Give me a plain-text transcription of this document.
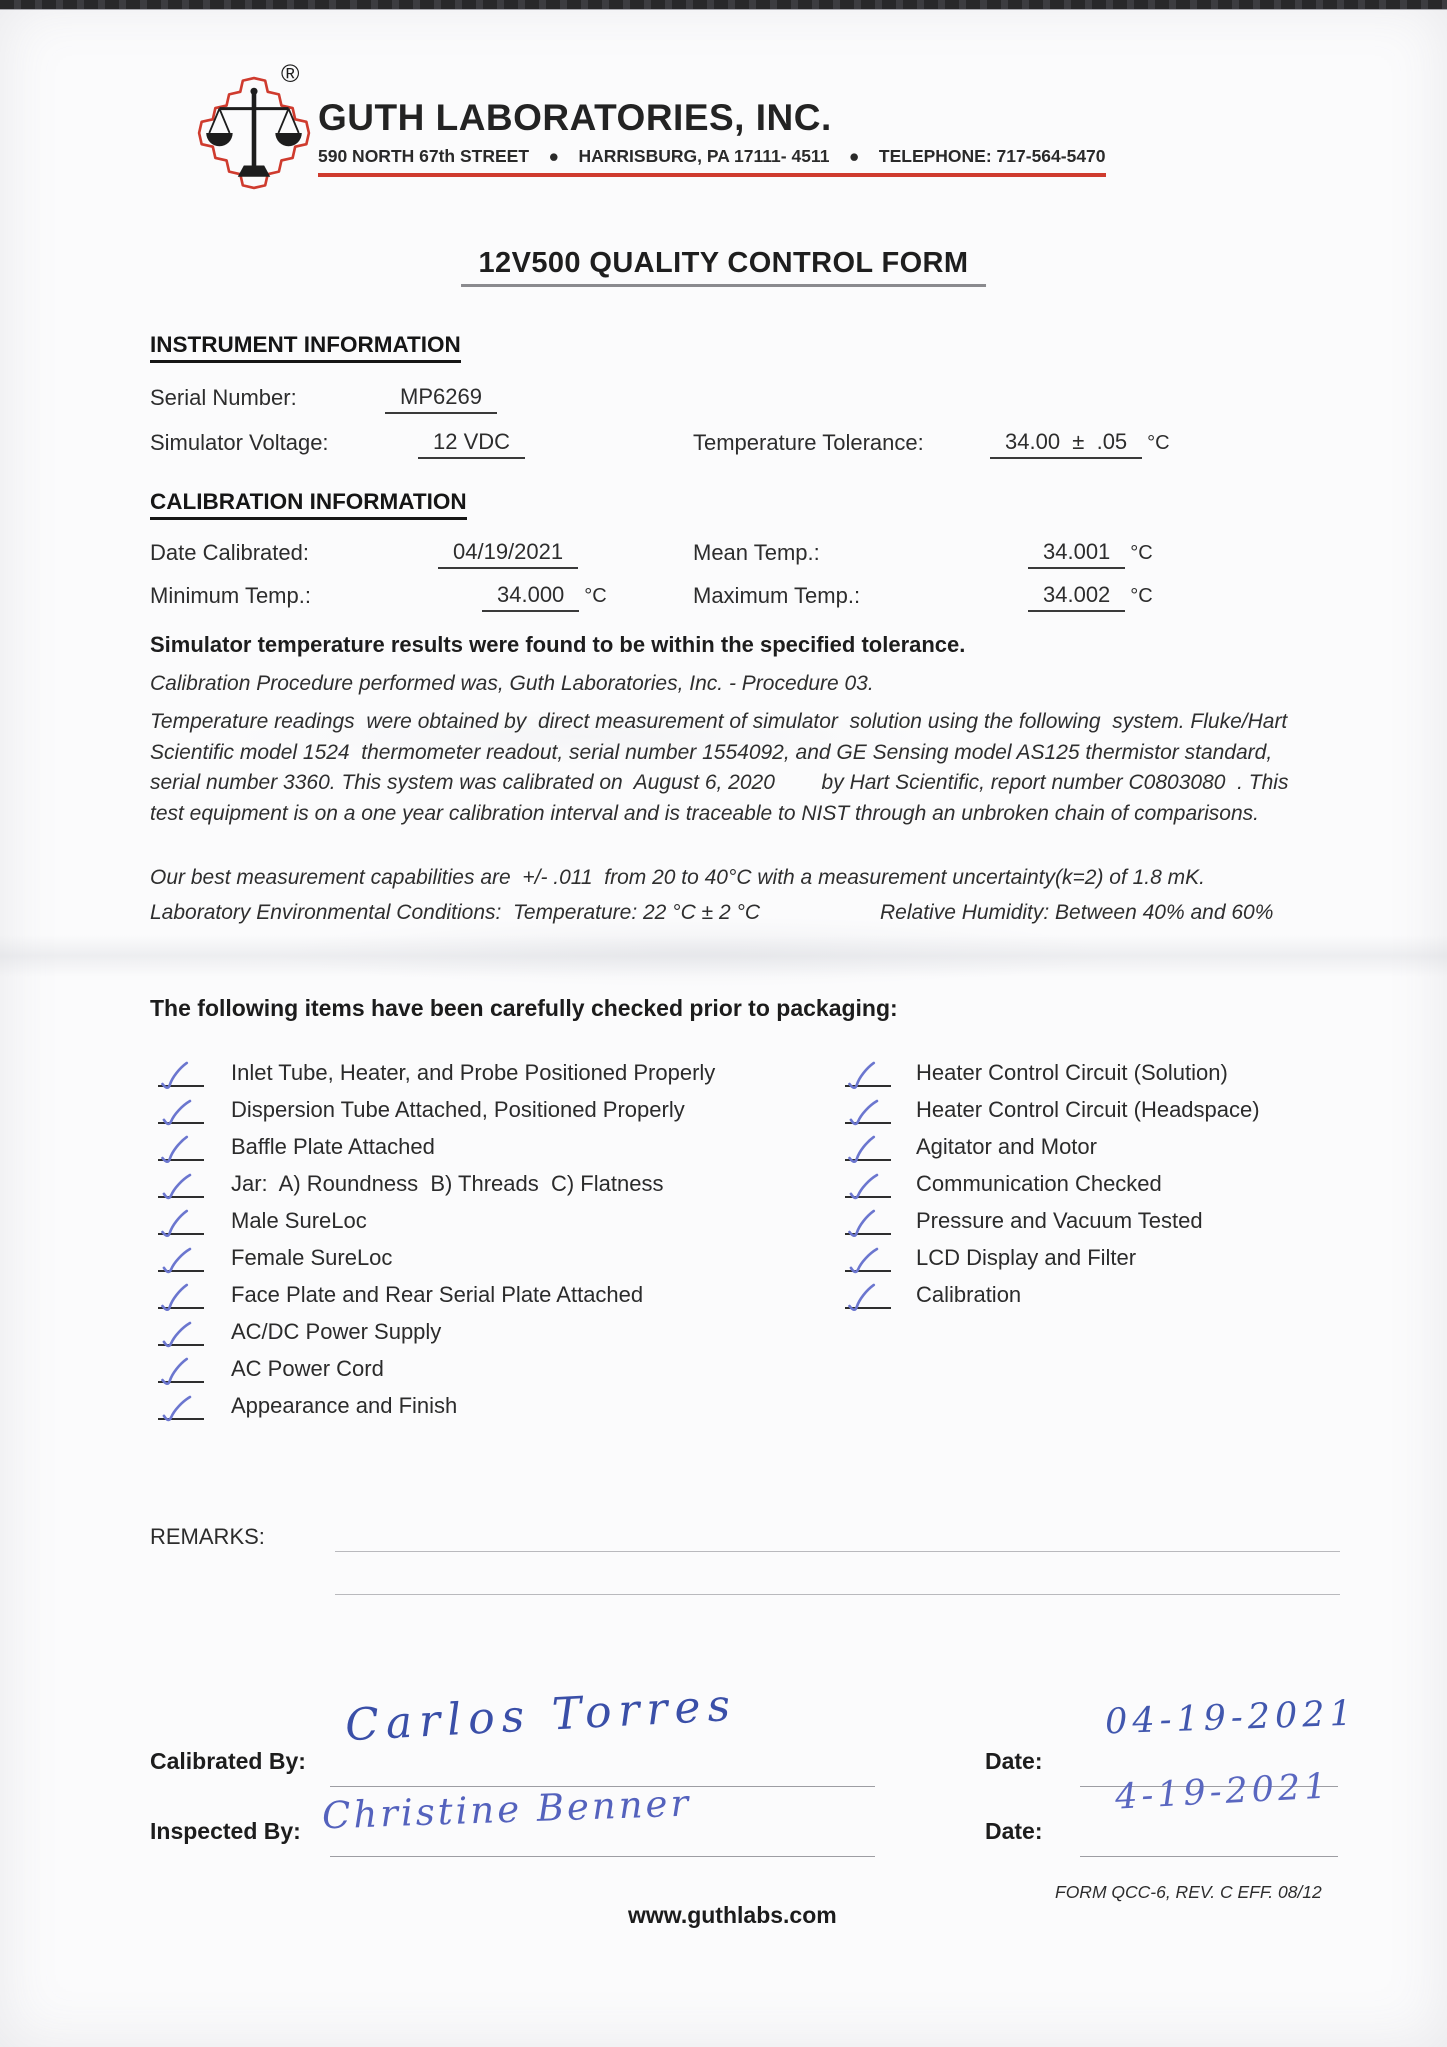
®
GUTH LABORATORIES, INC.
590 NORTH 67th STREET    ●    HARRISBURG, PA 17111- 4511    ●    TELEPHONE: 717-564-5470
12V500 QUALITY CONTROL FORM
INSTRUMENT INFORMATION
Serial Number:	MP6269
Simulator Voltage:	12 VDC	Temperature Tolerance:	34.00  ±  .05 °C
CALIBRATION INFORMATION
Date Calibrated:	04/19/2021	Mean Temp.:	34.001 °C
Minimum Temp.:	34.000 °C	Maximum Temp.:	34.002 °C
Simulator temperature results were found to be within the specified tolerance.
Calibration Procedure performed was, Guth Laboratories, Inc. - Procedure 03.
Temperature readings  were obtained by  direct measurement of simulator  solution using the following  system. Fluke/Hart Scientific model 1524  thermometer readout, serial number 1554092, and GE Sensing model AS125 thermistor standard, serial number 3360. This system was calibrated on  August 6, 2020        by Hart Scientific, report number C0803080  . This test equipment is on a one year calibration interval and is traceable to NIST through an unbroken chain of comparisons.
Our best measurement capabilities are  +/- .011  from 20 to 40°C with a measurement uncertainty(k=2) of 1.8 mK.
Laboratory Environmental Conditions:  Temperature: 22 °C ± 2 °C	Relative Humidity: Between 40% and 60%
The following items have been carefully checked prior to packaging:
Inlet Tube, Heater, and Probe Positioned Properly
Dispersion Tube Attached, Positioned Properly
Baffle Plate Attached
Jar:  A) Roundness  B) Threads  C) Flatness
Male SureLoc
Female SureLoc
Face Plate and Rear Serial Plate Attached
AC/DC Power Supply
AC Power Cord
Appearance and Finish
Heater Control Circuit (Solution)
Heater Control Circuit (Headspace)
Agitator and Motor
Communication Checked
Pressure and Vacuum Tested
LCD Display and Filter
Calibration
REMARKS:
Carlos Torres
Calibrated By:	Date:
04-19-2021
Christine Benner
Inspected By:	Date:
4-19-2021
FORM QCC-6, REV. C EFF. 08/12
www.guthlabs.com
